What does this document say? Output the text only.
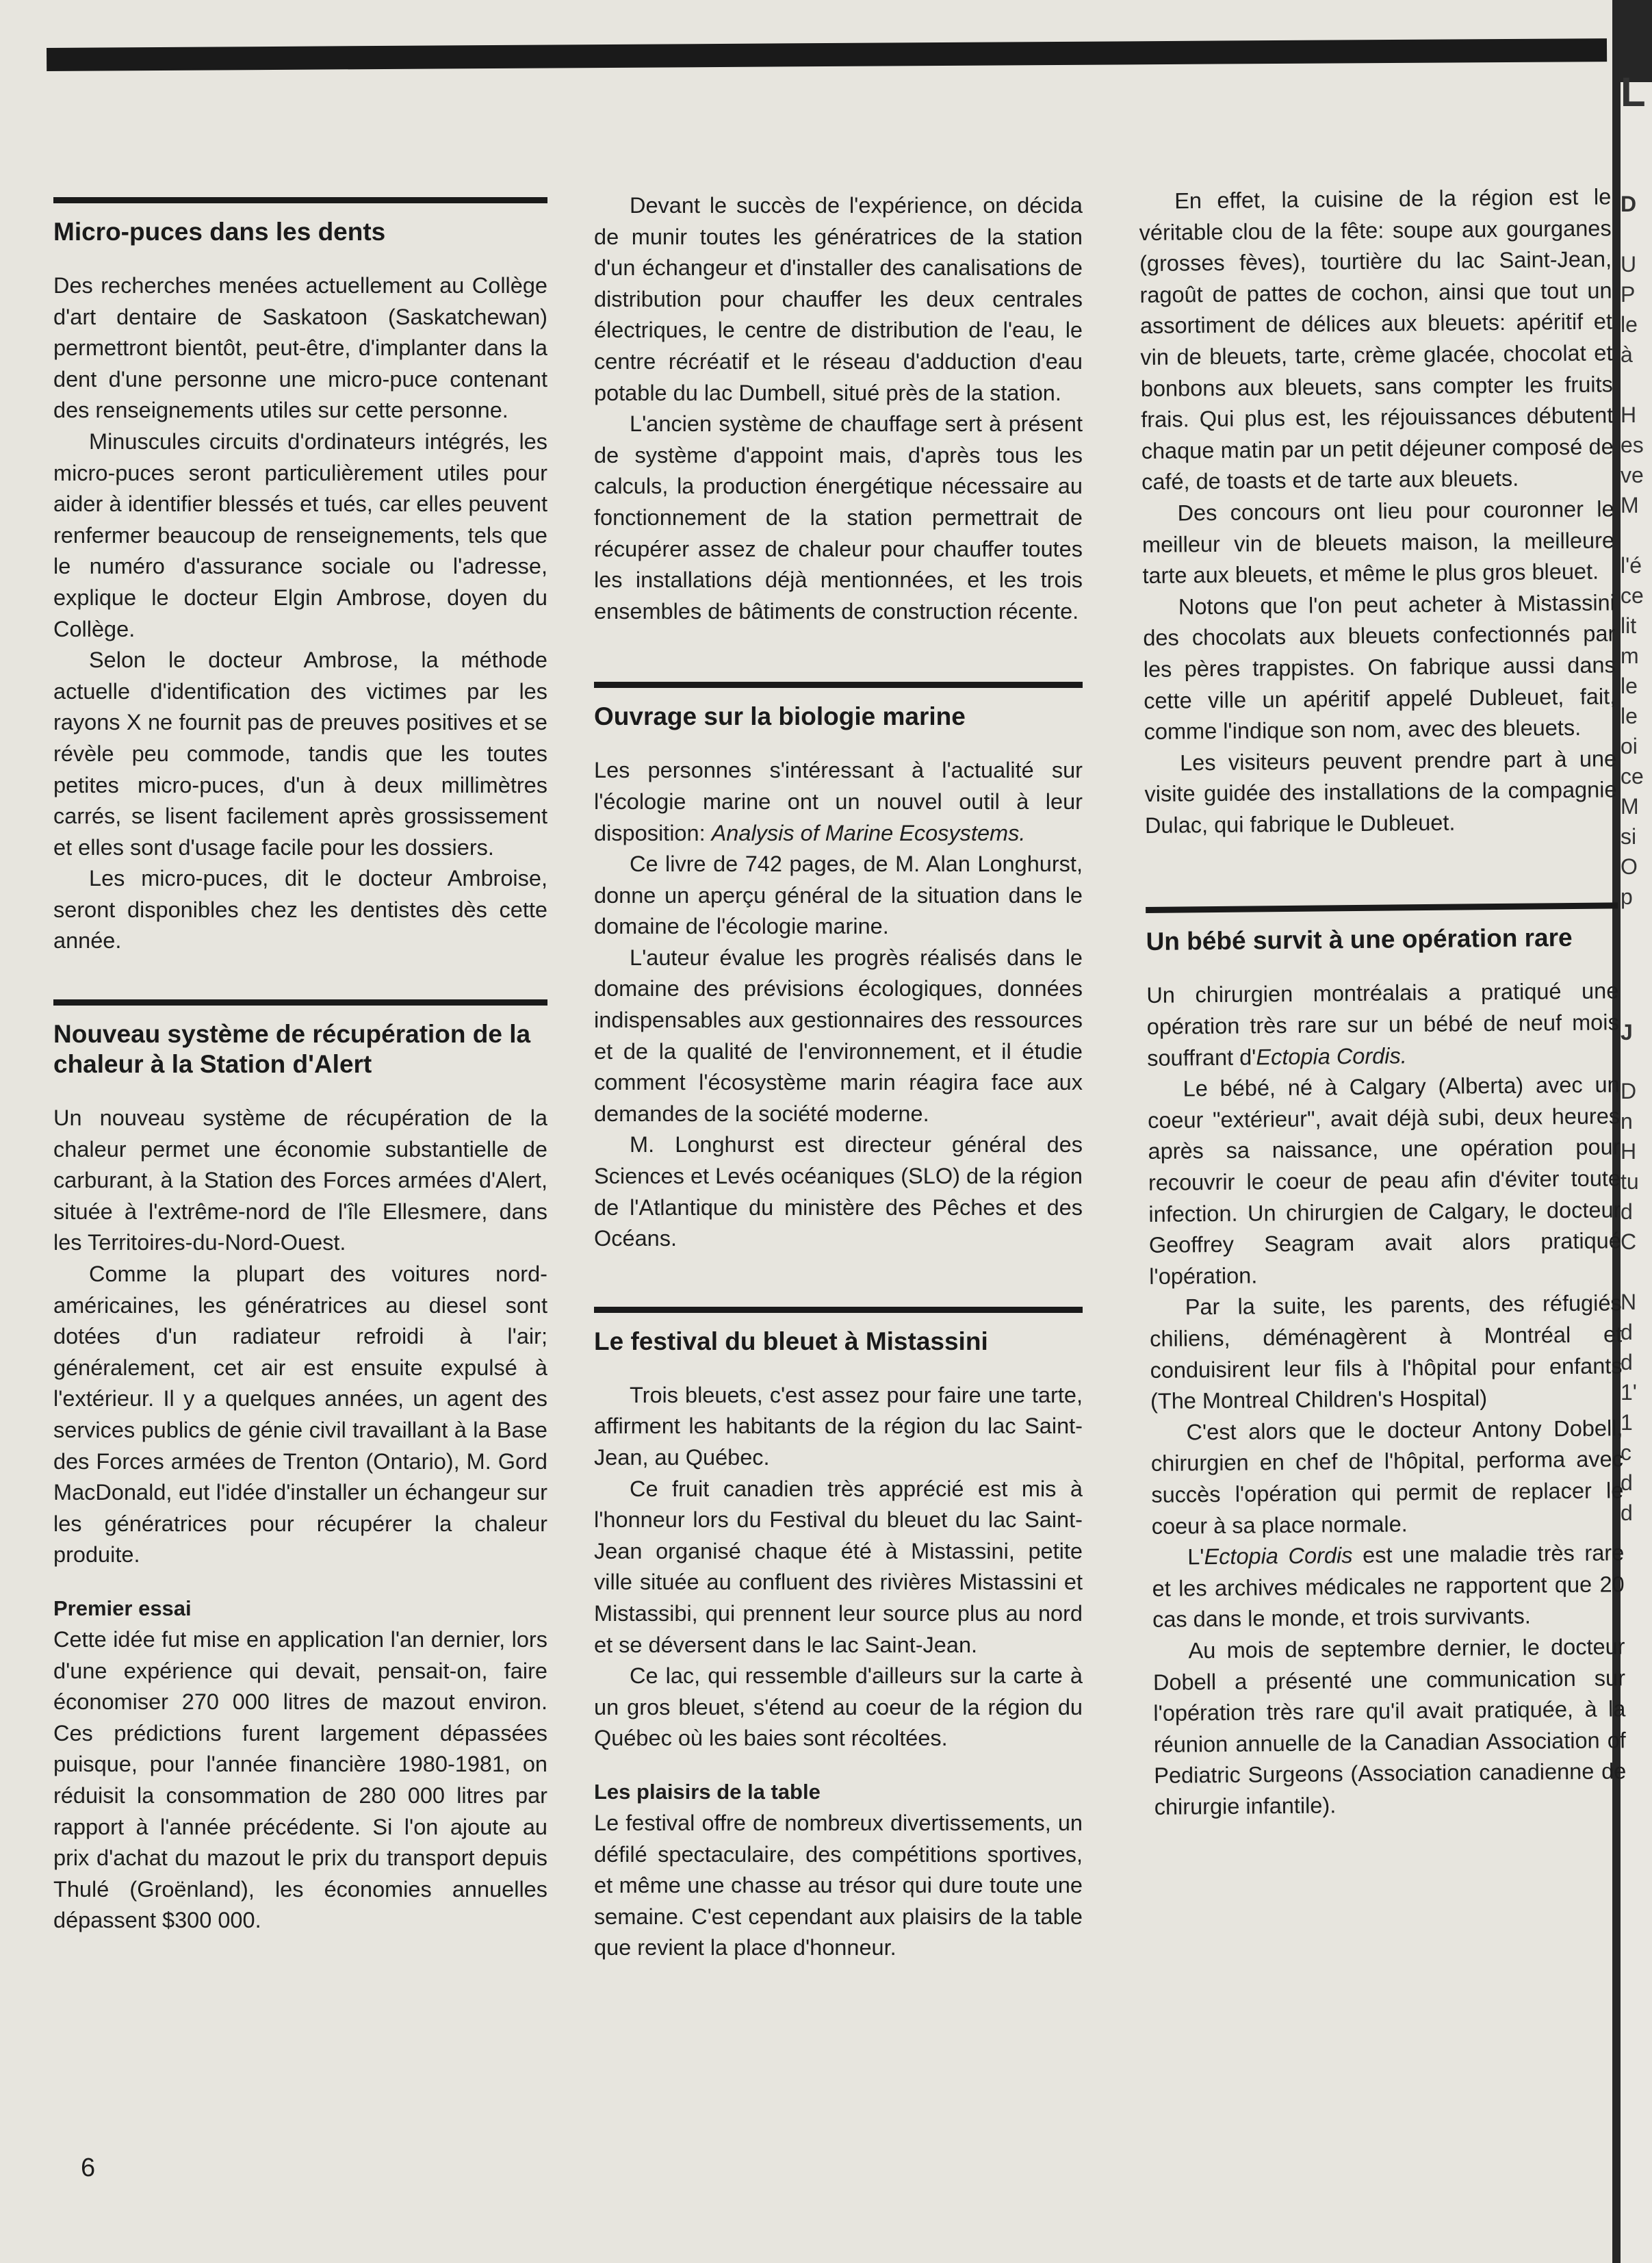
Micro-puces dans les dents

Des recherches menées actuellement au Collège d'art dentaire de Saskatoon (Saskatchewan) permettront bientôt, peut-être, d'implanter dans la dent d'une personne une micro-puce contenant des renseignements utiles sur cette personne.

Minuscules circuits d'ordinateurs intégrés, les micro-puces seront particulièrement utiles pour aider à identifier blessés et tués, car elles peuvent renfermer beaucoup de renseignements, tels que le numéro d'assurance sociale ou l'adresse, explique le docteur Elgin Ambrose, doyen du Collège.

Selon le docteur Ambrose, la méthode actuelle d'identification des victimes par les rayons X ne fournit pas de preuves positives et se révèle peu commode, tandis que les toutes petites micro-puces, d'un à deux millimètres carrés, se lisent facilement après grossissement et elles sont d'usage facile pour les dossiers.

Les micro-puces, dit le docteur Ambroise, seront disponibles chez les dentistes dès cette année.

Nouveau système de récupération de la chaleur à la Station d'Alert

Un nouveau système de récupération de la chaleur permet une économie substantielle de carburant, à la Station des Forces armées d'Alert, située à l'extrême-nord de l'île Ellesmere, dans les Territoires-du-Nord-Ouest.

Comme la plupart des voitures nord-américaines, les génératrices au diesel sont dotées d'un radiateur refroidi à l'air; généralement, cet air est ensuite expulsé à l'extérieur. Il y a quelques années, un agent des services publics de génie civil travaillant à la Base des Forces armées de Trenton (Ontario), M. Gord MacDonald, eut l'idée d'installer un échangeur sur les génératrices pour récupérer la chaleur produite.

Premier essai

Cette idée fut mise en application l'an dernier, lors d'une expérience qui devait, pensait-on, faire économiser 270 000 litres de mazout environ. Ces prédictions furent largement dépassées puisque, pour l'année financière 1980-1981, on réduisit la consommation de 280 000 litres par rapport à l'année précédente. Si l'on ajoute au prix d'achat du mazout le prix du transport depuis Thulé (Groënland), les économies annuelles dépassent $300 000.

Devant le succès de l'expérience, on décida de munir toutes les génératrices de la station d'un échangeur et d'installer des canalisations de distribution pour chauffer les deux centrales électriques, le centre de distribution de l'eau, le centre récréatif et le réseau d'adduction d'eau potable du lac Dumbell, situé près de la station.

L'ancien système de chauffage sert à présent de système d'appoint mais, d'après tous les calculs, la production énergétique nécessaire au fonctionnement de la station permettrait de récupérer assez de chaleur pour chauffer toutes les installations déjà mentionnées, et les trois ensembles de bâtiments de construction récente.

Ouvrage sur la biologie marine

Les personnes s'intéressant à l'actualité sur l'écologie marine ont un nouvel outil à leur disposition: Analysis of Marine Ecosystems.

Ce livre de 742 pages, de M. Alan Longhurst, donne un aperçu général de la situation dans le domaine de l'écologie marine.

L'auteur évalue les progrès réalisés dans le domaine des prévisions écologiques, données indispensables aux gestionnaires des ressources et de la qualité de l'environnement, et il étudie comment l'écosystème marin réagira face aux demandes de la société moderne.

M. Longhurst est directeur général des Sciences et Levés océaniques (SLO) de la région de l'Atlantique du ministère des Pêches et des Océans.

Le festival du bleuet à Mistassini

Trois bleuets, c'est assez pour faire une tarte, affirment les habitants de la région du lac Saint-Jean, au Québec.

Ce fruit canadien très apprécié est mis à l'honneur lors du Festival du bleuet du lac Saint-Jean organisé chaque été à Mistassini, petite ville située au confluent des rivières Mistassini et Mistassibi, qui prennent leur source plus au nord et se déversent dans le lac Saint-Jean.

Ce lac, qui ressemble d'ailleurs sur la carte à un gros bleuet, s'étend au coeur de la région du Québec où les baies sont récoltées.

Les plaisirs de la table

Le festival offre de nombreux divertissements, un défilé spectaculaire, des compétitions sportives, et même une chasse au trésor qui dure toute une semaine. C'est cependant aux plaisirs de la table que revient la place d'honneur.

En effet, la cuisine de la région est le véritable clou de la fête: soupe aux gourganes (grosses fèves), tourtière du lac Saint-Jean, ragoût de pattes de cochon, ainsi que tout un assortiment de délices aux bleuets: apéritif et vin de bleuets, tarte, crème glacée, chocolat et bonbons aux bleuets, sans compter les fruits frais. Qui plus est, les réjouissances débutent chaque matin par un petit déjeuner composé de café, de toasts et de tarte aux bleuets.

Des concours ont lieu pour couronner le meilleur vin de bleuets maison, la meilleure tarte aux bleuets, et même le plus gros bleuet.

Notons que l'on peut acheter à Mistassini des chocolats aux bleuets confectionnés par les pères trappistes. On fabrique aussi dans cette ville un apéritif appelé Dubleuet, fait, comme l'indique son nom, avec des bleuets.

Les visiteurs peuvent prendre part à une visite guidée des installations de la compagnie Dulac, qui fabrique le Dubleuet.

Un bébé survit à une opération rare

Un chirurgien montréalais a pratiqué une opération très rare sur un bébé de neuf mois souffrant d'Ectopia Cordis.

Le bébé, né à Calgary (Alberta) avec un coeur "extérieur", avait déjà subi, deux heures après sa naissance, une opération pour recouvrir le coeur de peau afin d'éviter toute infection. Un chirurgien de Calgary, le docteur Geoffrey Seagram avait alors pratiqué l'opération.

Par la suite, les parents, des réfugiés chiliens, déménagèrent à Montréal et conduisirent leur fils à l'hôpital pour enfants (The Montreal Children's Hospital)

C'est alors que le docteur Antony Dobell, chirurgien en chef de l'hôpital, performa avec succès l'opération qui permit de replacer le coeur à sa place normale.

L'Ectopia Cordis est une maladie très rare et les archives médicales ne rapportent que 20 cas dans le monde, et trois survivants.

Au mois de septembre dernier, le docteur Dobell a présenté une communication sur l'opération très rare qu'il avait pratiquée, à la réunion annuelle de la Canadian Association of Pediatric Surgeons (Association canadienne de chirurgie infantile).

6
L
D
U
P
le
à
H
es
ve
M
l'é
ce
lit
m
le
le
oi
ce
M
si
O
p
J
D
n
H
tu
d
C
N
d
d
1'
1
c
d
d
